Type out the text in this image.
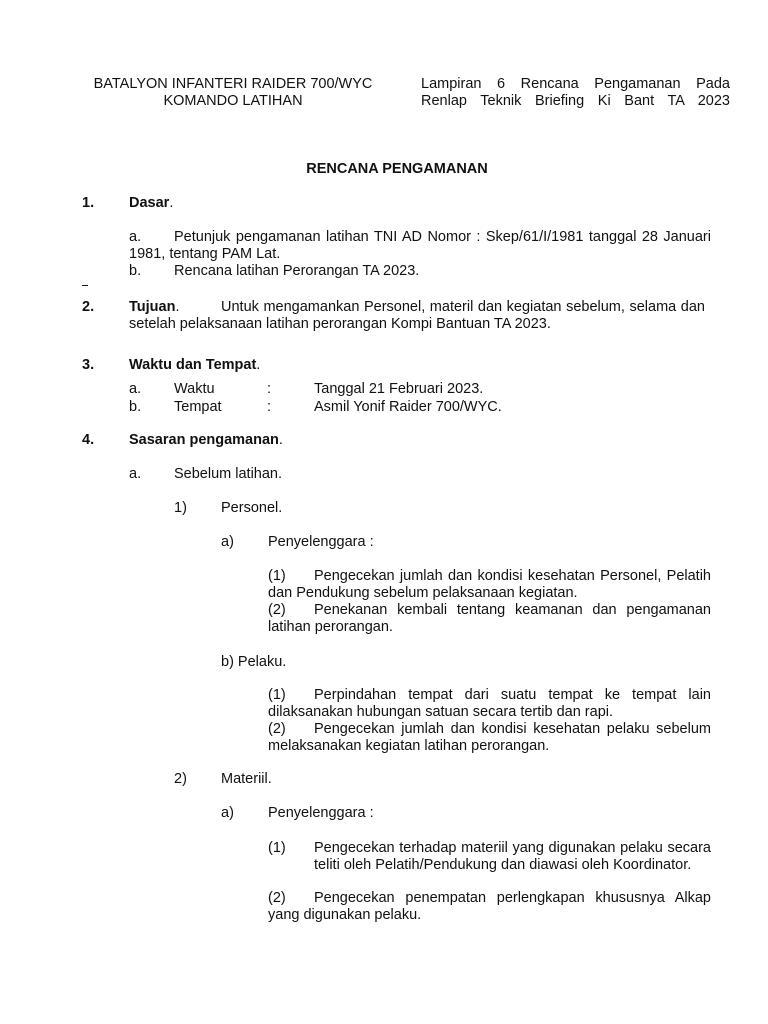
BATALYON INFANTERI RAIDER 700/WYC
KOMANDO LATIHAN
Lampiran 6 Rencana Pengamanan Pada
Renlap Teknik Briefing Ki Bant TA 2023
RENCANA PENGAMANAN
1. Dasar.
a.	Petunjuk pengamanan latihan TNI AD Nomor : Skep/61/I/1981 tanggal 28 Januari 1981, tentang PAM Lat.
b. Rencana latihan Perorangan TA 2023.
2. Tujuan.	Untuk mengamankan Personel, materil dan kegiatan sebelum, selama dan setelah pelaksanaan latihan perorangan Kompi Bantuan TA 2023.
3. Waktu dan Tempat.
a. Waktu	:	Tanggal 21 Februari 2023.
b. Tempat	:	Asmil Yonif Raider 700/WYC.
4. Sasaran pengamanan.
a. Sebelum latihan.
1) Personel.
a) Penyelenggara :
(1)	Pengecekan jumlah dan kondisi kesehatan Personel, Pelatih dan Pendukung sebelum pelaksanaan kegiatan.
(2)	Penekanan kembali tentang keamanan dan pengamanan latihan perorangan.
b) Pelaku.
(1)	Perpindahan tempat dari suatu tempat ke tempat lain dilaksanakan hubungan satuan secara tertib dan rapi.
(2)	Pengecekan jumlah dan kondisi kesehatan pelaku sebelum melaksanakan kegiatan latihan perorangan.
2) Materiil.
a) Penyelenggara :
(1) Pengecekan terhadap materiil yang digunakan pelaku secara teliti oleh Pelatih/Pendukung dan diawasi oleh Koordinator.
(2)	Pengecekan penempatan perlengkapan khususnya Alkap yang digunakan pelaku.
